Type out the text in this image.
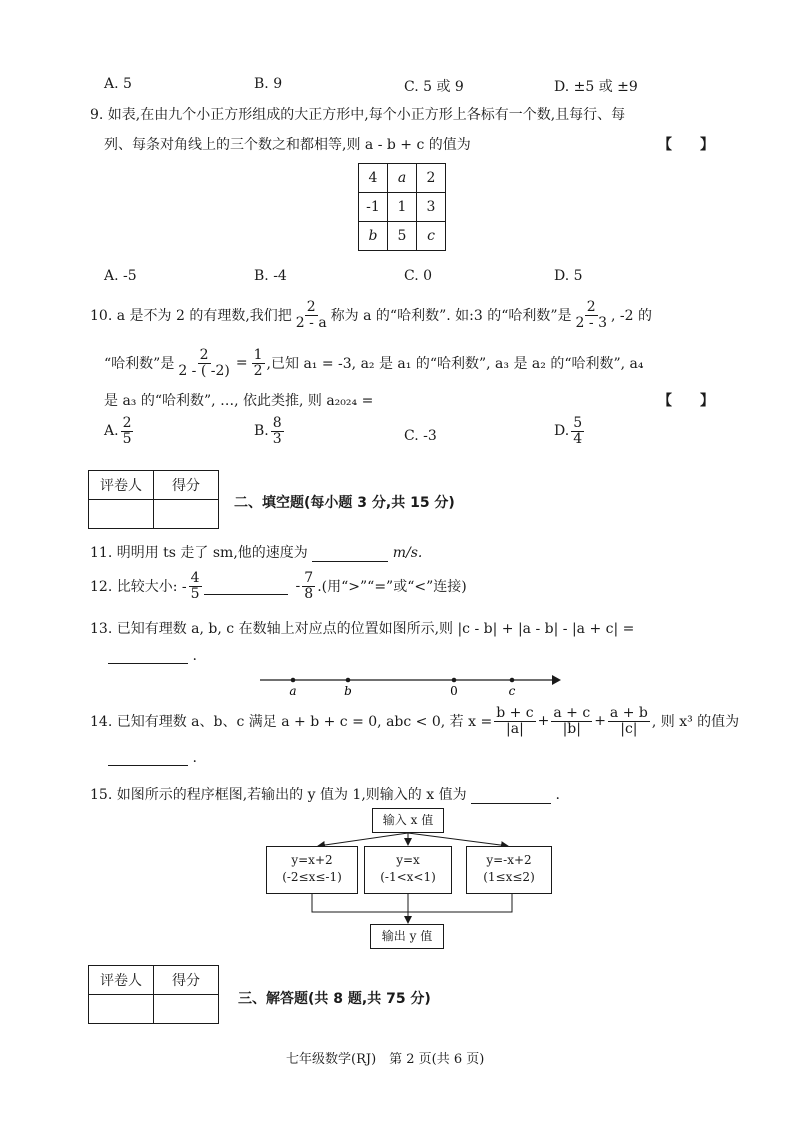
A. 5	B. 9	C. 5 或 9	D. ±5 或 ±9
9. 如表,在由九个小正方形组成的大正方形中,每个小正方形上各标有一个数,且每行、每
列、每条对角线上的三个数之和都相等,则 a - b + c 的值为	【　　】
4	a	2
-1	1	3
b	5	c
A. -5	B. -4	C. 0	D. 5
10. a 是不为 2 的有理数,我们把 $\frac{2}{2 - a}$ 称为 a 的“哈利数”. 如:3 的“哈利数”是 $\frac{2}{2 - 3}$ , -2 的
“哈利数”是 $\frac{2}{2 - ( -2)} = \frac{1}{2}$ ,已知 a₁ = -3, a₂ 是 a₁ 的“哈利数”, a₃ 是 a₂ 的“哈利数”, a₄
是 a₃ 的“哈利数”, …, 依此类推, 则 a₂₀₂₄ =	【　　】
A. $\frac{2}{5}$	B. $\frac{8}{3}$	C. -3	D. $\frac{5}{4}$
评卷人	得分

二、填空题(每小题 3 分,共 15 分)
11. 明明用 ts 走了 sm,他的速度为	m/s.
12. 比较大小: - $\frac{4}{5}$	- $\frac{7}{8}$ .(用“>”“=”或“<”连接)
13. 已知有理数 a, b, c 在数轴上对应点的位置如图所示,则 |c - b| + |a - b| - |a + c| =
.
a	b	0	c
14. 已知有理数 a、b、c 满足 a + b + c = 0, abc < 0, 若 $x = \frac{b + c}{|a|} + \frac{a + c}{|b|} + \frac{a + b}{|c|}$ , 则 x³ 的值为
.
15. 如图所示的程序框图,若输出的 y 值为 1,则输入的 x 值为	.
输入 x 值
y=x+2
(-2≤x≤-1)
y=x
(-1<x<1)
y=-x+2
(1≤x≤2)
输出 y 值
评卷人	得分

三、解答题(共 8 题,共 75 分)
七年级数学(RJ)　第 2 页(共 6 页)
